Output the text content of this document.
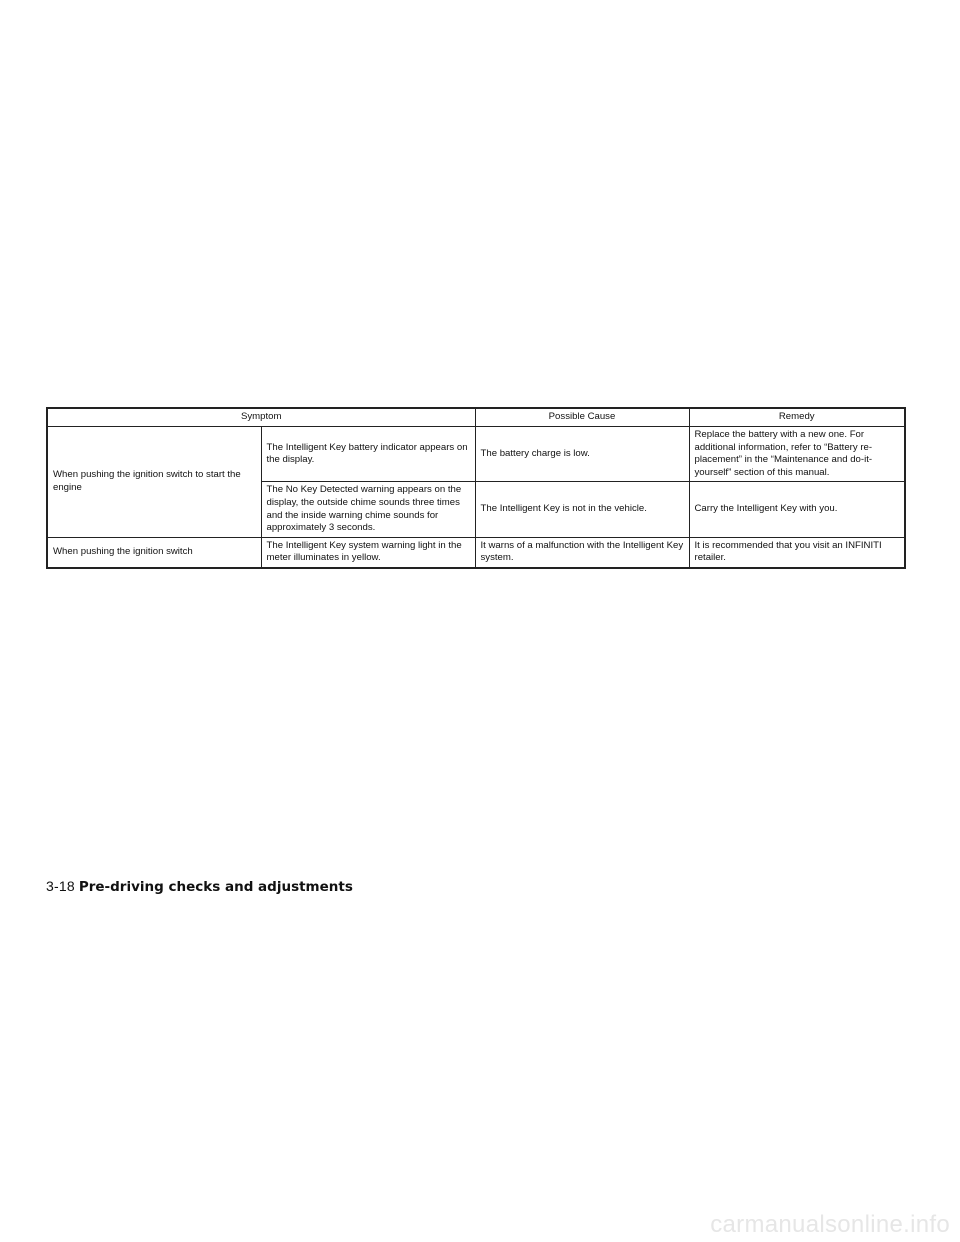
Symptom		Possible Cause	Remedy
When pushing the ignition switch to start the engine	The Intelligent Key battery indicator appears on the display.	The battery charge is low.	Replace the battery with a new one. For additional information, refer to “Battery re- placement” in the “Maintenance and do-it- yourself” section of this manual.
	The No Key Detected warning appears on the display, the outside chime sounds three times and the inside warning chime sounds for approximately 3 seconds.	The Intelligent Key is not in the vehicle.	Carry the Intelligent Key with you.
When pushing the ignition switch	The Intelligent Key system warning light in the meter illuminates in yellow.	It warns of a malfunction with the Intelligent Key system.	It is recommended that you visit an INFINITI retailer.
3-18 Pre-driving checks and adjustments
carmanualsonline.info
